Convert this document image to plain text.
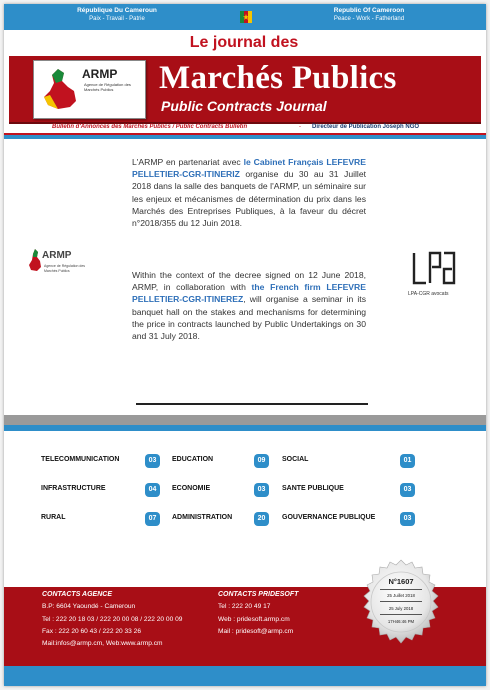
République Du Cameroun
Paix - Travail - Patrie
Republic Of Cameroon
Peace - Work - Fatherland
Le journal des
ARMP
Agence de Régulation des Marchés Publics	Marchés Publics
Public Contracts Journal
Bulletin d'Annonces des Marchés Publics / Public Contracts Bulletin	- Directeur de Publication Joseph NGO
ARMP
Agence de Régulation des Marchés Publics
LPA-CGR avocats
L'ARMP en partenariat avec le Cabinet Français LEFEVRE PELLETIER-CGR-ITINERIZ organise du 30 au 31 Juillet 2018 dans la salle des banquets de l'ARMP, un séminaire sur les enjeux et mécanismes de détermination du prix dans les Marchés des Entreprises Publiques, à la faveur du décret n°2018/355 du 12 Juin 2018.
Within the context of the decree signed on 12 June 2018, ARMP, in collaboration with the French firm LEFEVRE PELLETIER-CGR-ITINEREZ, will organise a seminar in its banquet hall on the stakes and mechanisms for determining the price in contracts launched by Public Undertakings on 30 and 31 July 2018.
TELECOMMUNICATION	03	EDUCATION	09	SOCIAL	01
INFRASTRUCTURE	04	ECONOMIE	03	SANTE PUBLIQUE	03
RURAL	07	ADMINISTRATION	20	GOUVERNANCE PUBLIQUE	03
CONTACTS AGENCE
B.P: 6604 Yaoundé - Cameroun
Tel : 222 20 18 03 / 222 20 00 08 / 222 20 00 09
Fax : 222 20 60 43 / 222 20 33 26
Mail:infos@armp.cm, Web:www.armp.cm
CONTACTS PRIDESOFT
Tel : 222 20 49 17
Web : pridesoft.armp.cm
Mail : pridesoft@armp.cm
N°1607
25 Juillet 2018
25 July 2018
17H46:46 PM
